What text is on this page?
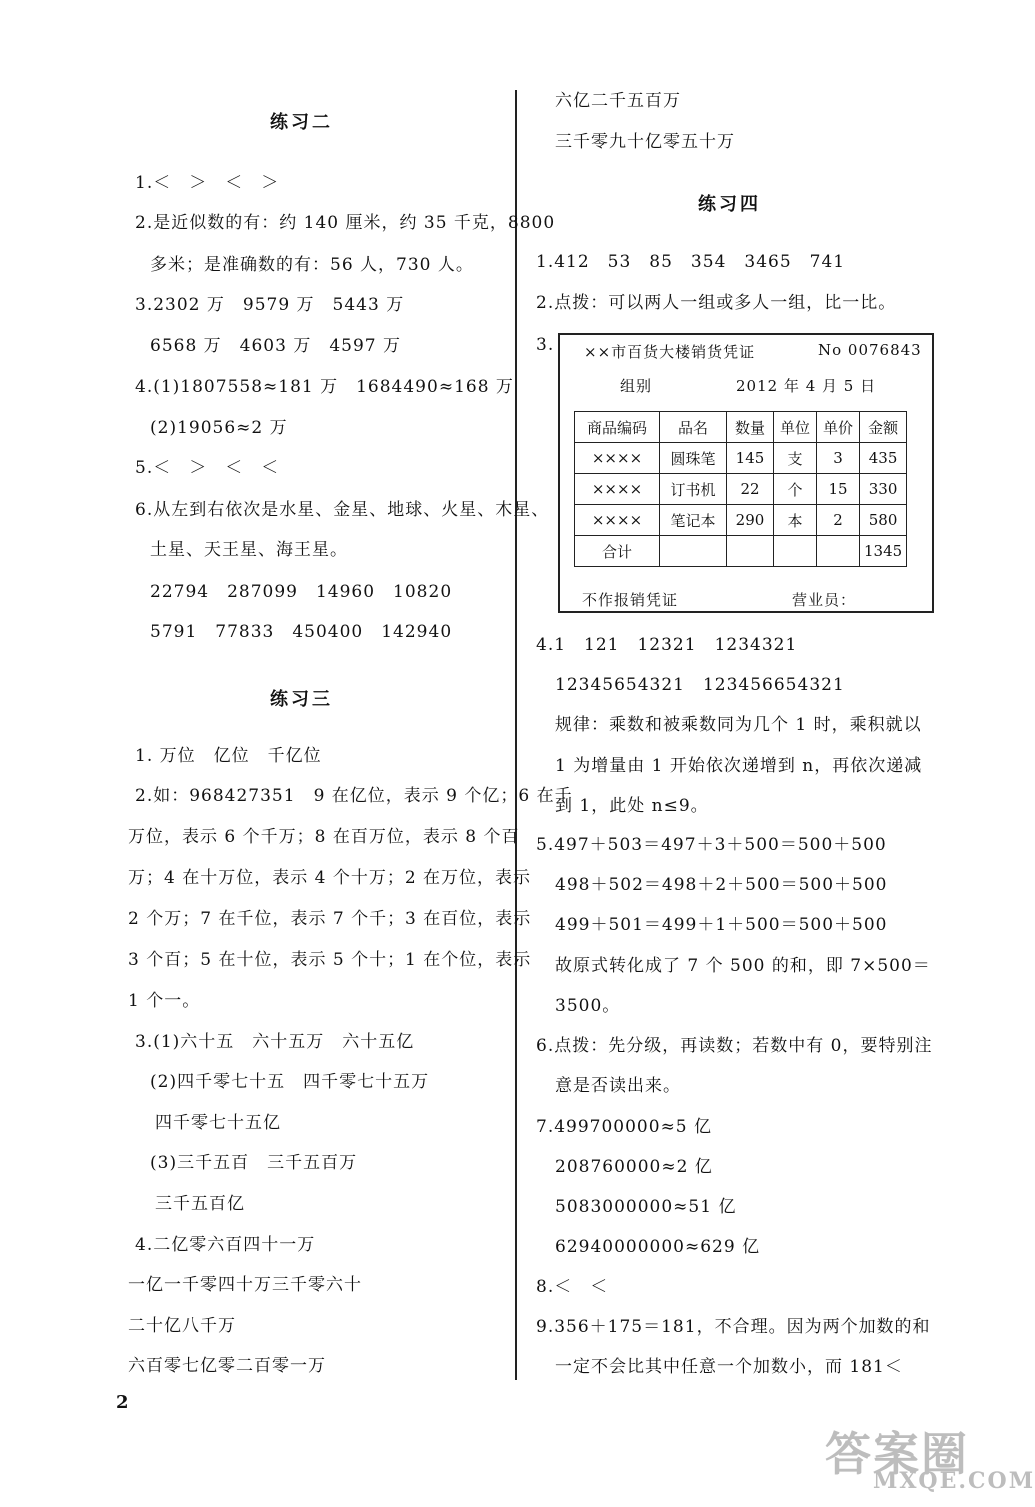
练习二
1.＜　＞　＜　＞
2.是近似数的有：约 140 厘米，约 35 千克，8800
多米；是准确数的有：56 人，730 人。
3.2302 万　9579 万　5443 万
6568 万　4603 万　4597 万
4.(1)1807558≈181 万　1684490≈168 万
(2)19056≈2 万
5.＜　＞　＜　＜
6.从左到右依次是水星、金星、地球、火星、木星、
土星、天王星、海王星。
22794　287099　14960　10820
5791　77833　450400　142940
练习三
1. 万位　亿位　千亿位
2.如：968427351　9 在亿位，表示 9 个亿；6 在千
万位，表示 6 个千万；8 在百万位，表示 8 个百
万；4 在十万位，表示 4 个十万；2 在万位，表示
2 个万；7 在千位，表示 7 个千；3 在百位，表示
3 个百；5 在十位，表示 5 个十；1 在个位，表示
1 个一。
3.(1)六十五　六十五万　六十五亿
(2)四千零七十五　四千零七十五万
四千零七十五亿
(3)三千五百　三千五百万
三千五百亿
4.二亿零六百四十一万
一亿一千零四十万三千零六十
二十亿八千万
六百零七亿零二百零一万
六亿二千五百万
三千零九十亿零五十万
练习四
1.412　53　85　354　3465　741
2.点拨：可以两人一组或多人一组，比一比。
3. ××市百货大楼销货凭证	No 0076843
组别	2012 年 4 月 5 日
商品编码	品名	数量	单位	单价	金额
××××	圆珠笔	145	支	3	435
××××	订书机	22	个	15	330
××××	笔记本	290	本	2	580
合计					1345
不作报销凭证	营业员：
4.1　121　12321　1234321
12345654321　123456654321
规律：乘数和被乘数同为几个 1 时，乘积就以
1 为增量由 1 开始依次递增到 n，再依次递减
到 1，此处 n≤9。
5.497＋503＝497＋3＋500＝500＋500
498＋502＝498＋2＋500＝500＋500
499＋501＝499＋1＋500＝500＋500
故原式转化成了 7 个 500 的和，即 7×500＝
3500。
6.点拨：先分级，再读数；若数中有 0，要特别注
意是否读出来。
7.499700000≈5 亿
208760000≈2 亿
5083000000≈51 亿
62940000000≈629 亿
8.＜　＜
9.356＋175＝181，不合理。因为两个加数的和
一定不会比其中任意一个加数小，而 181＜
2
答案圈
MXQE.COM
